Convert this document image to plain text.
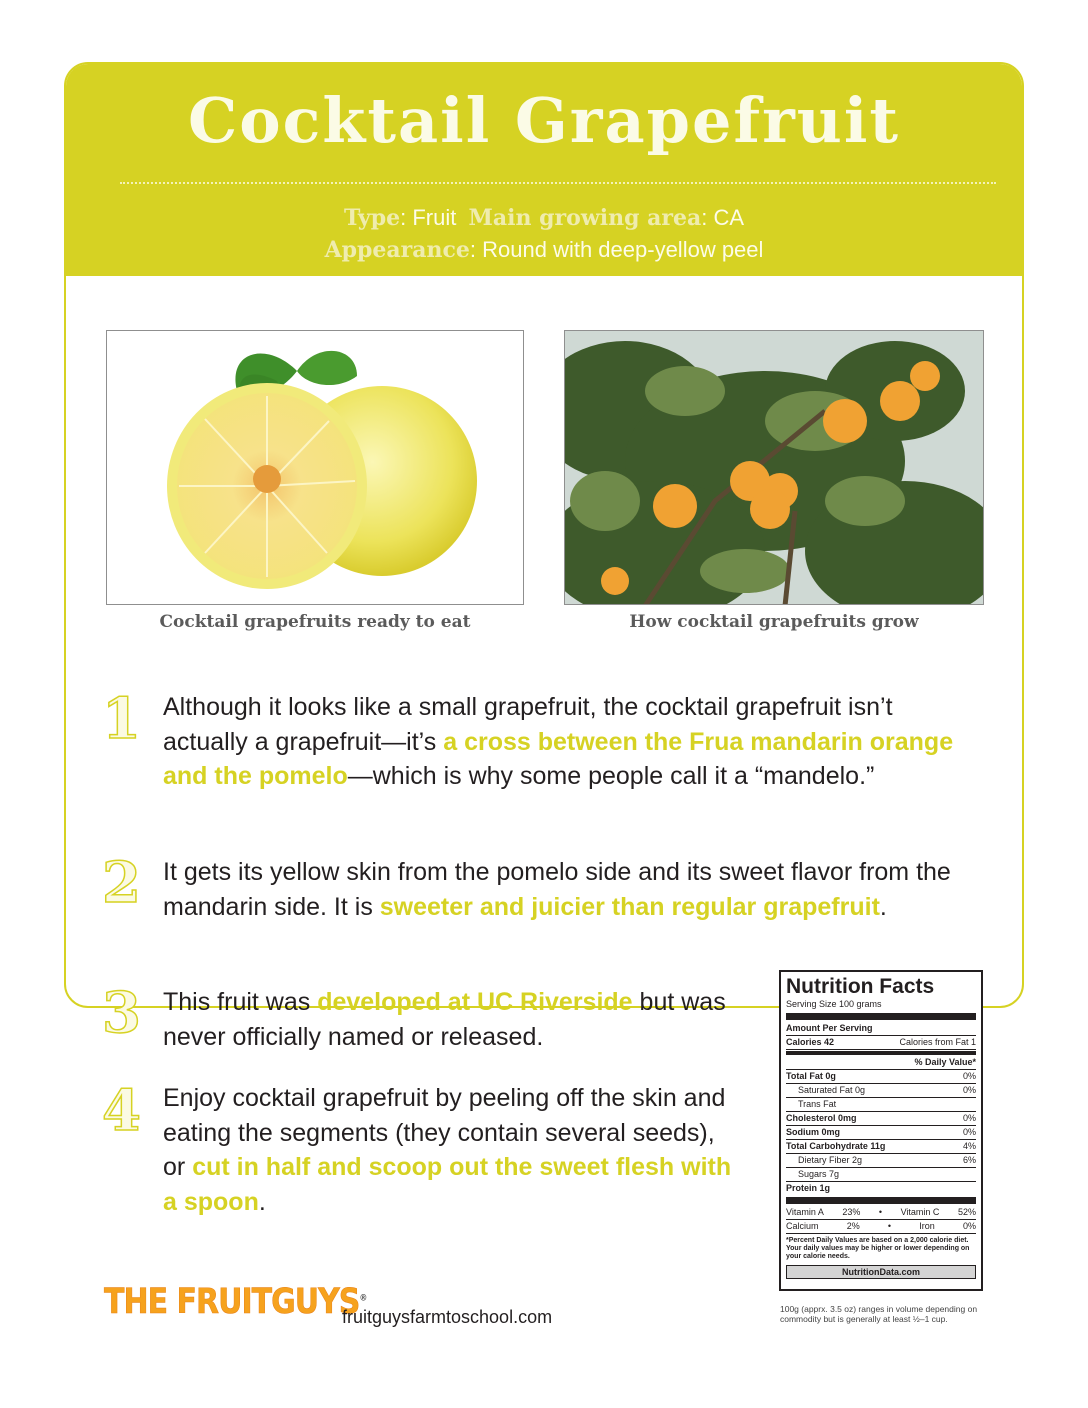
Cocktail Grapefruit
Type: Fruit Main growing area: CA
Appearance: Round with deep-yellow peel
Cocktail grapefruits ready to eat	How cocktail grapefruits grow
1 Although it looks like a small grapefruit, the cocktail grapefruit isn’t actually a grapefruit—it’s a cross between the Frua mandarin orange and the pomelo—which is why some people call it a “mandelo.”
2 It gets its yellow skin from the pomelo side and its sweet flavor from the mandarin side. It is sweeter and juicier than regular grapefruit.
3 This fruit was developed at UC Riverside but was never officially named or released.
4 Enjoy cocktail grapefruit by peeling off the skin and eating the segments (they contain several seeds), or cut in half and scoop out the sweet flesh with a spoon.
Nutrition Facts
Serving Size 100 grams
Amount Per Serving
Calories 42	Calories from Fat 1
% Daily Value*
Total Fat 0g	0%
Saturated Fat 0g	0%
Trans Fat
Cholesterol 0mg	0%
Sodium 0mg	0%
Total Carbohydrate 11g	4%
Dietary Fiber 2g	6%
Sugars 7g
Protein 1g
Vitamin A 23% • Vitamin C 52%
Calcium	2%	•	Iron	0%
*Percent Daily Values are based on a 2,000 calorie diet. Your daily values may be higher or lower depending on your calorie needs.
NutritionData.com
100g (apprx. 3.5 oz) ranges in volume depending on commodity but is generally at least ½–1 cup.
THE FRUITGUYS®
fruitguysfarmtoschool.com
